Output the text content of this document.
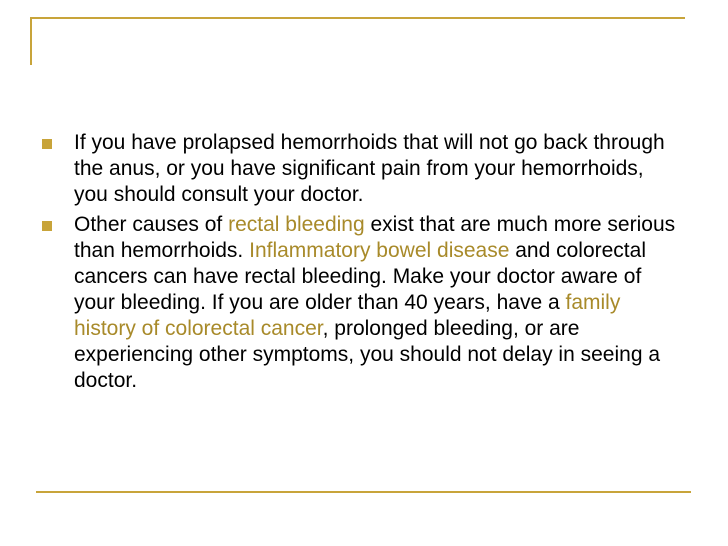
If you have prolapsed hemorrhoids that will not go back through the anus, or you have significant pain from your hemorrhoids, you should consult your doctor.
Other causes of rectal bleeding exist that are much more serious than hemorrhoids. Inflammatory bowel disease and colorectal cancers can have rectal bleeding. Make your doctor aware of your bleeding. If you are older than 40 years, have a family history of colorectal cancer, prolonged bleeding, or are experiencing other symptoms, you should not delay in seeing a doctor.
